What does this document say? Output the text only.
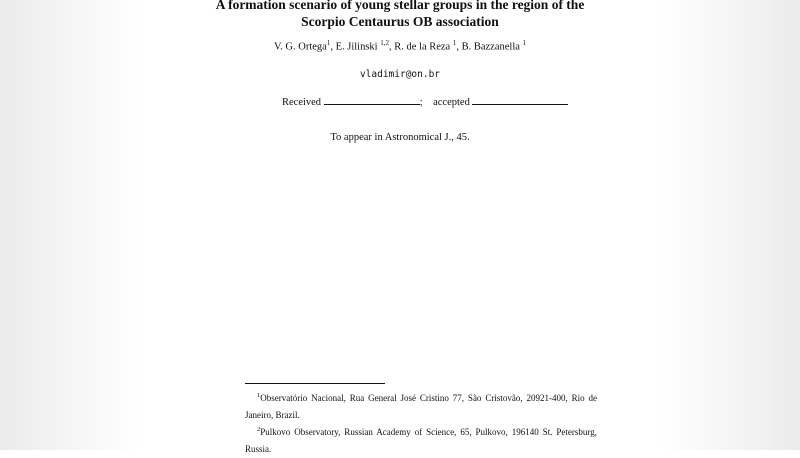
A formation scenario of young stellar groups in the region of the
Scorpio Centaurus OB association
V. G. Ortega$^1$, E. Jilinski $^{1,2}$, R. de la Reza $^1$, B. Bazzanella $^1$
vladimir@on.br
Received	; accepted
To appear in Astronomical J., 45.
$^1$Observatório Nacional, Rua General José Cristino 77, São Cristovão, 20921-400, Rio de Janeiro, Brazil.
$^2$Pulkovo Observatory, Russian Academy of Science, 65, Pulkovo, 196140 St. Petersburg, Russia.
